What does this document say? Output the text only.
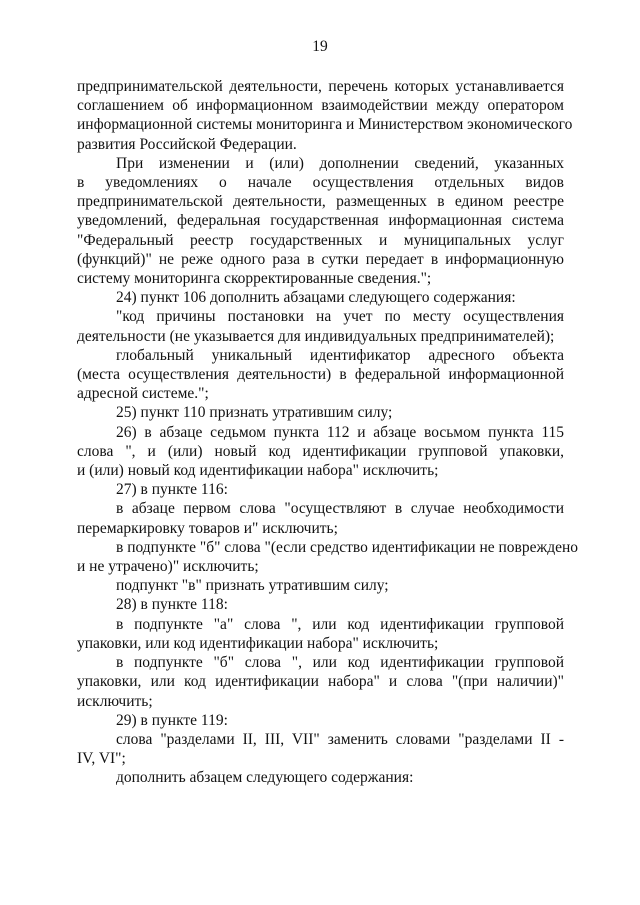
19
предпринимательской деятельности, перечень которых устанавливается
соглашением об информационном взаимодействии между оператором
информационной системы мониторинга и Министерством экономического
развития Российской Федерации.
При изменении и (или) дополнении сведений, указанных
в уведомлениях о начале осуществления отдельных видов
предпринимательской деятельности, размещенных в едином реестре
уведомлений, федеральная государственная информационная система
"Федеральный реестр государственных и муниципальных услуг
(функций)" не реже одного раза в сутки передает в информационную
систему мониторинга скорректированные сведения.";
24) пункт 106 дополнить абзацами следующего содержания:
"код причины постановки на учет по месту осуществления
деятельности (не указывается для индивидуальных предпринимателей);
глобальный уникальный идентификатор адресного объекта
(места осуществления деятельности) в федеральной информационной
адресной системе.";
25) пункт 110 признать утратившим силу;
26) в абзаце седьмом пункта 112 и абзаце восьмом пункта 115
слова ", и (или) новый код идентификации групповой упаковки,
и (или) новый код идентификации набора" исключить;
27) в пункте 116:
в абзаце первом слова "осуществляют в случае необходимости
перемаркировку товаров и" исключить;
в подпункте "б" слова "(если средство идентификации не повреждено
и не утрачено)" исключить;
подпункт "в" признать утратившим силу;
28) в пункте 118:
в подпункте "а" слова ", или код идентификации групповой
упаковки, или код идентификации набора" исключить;
в подпункте "б" слова ", или код идентификации групповой
упаковки, или код идентификации набора" и слова "(при наличии)"
исключить;
29) в пункте 119:
слова "разделами II, III, VII" заменить словами "разделами II -
IV, VI";
дополнить абзацем следующего содержания:
